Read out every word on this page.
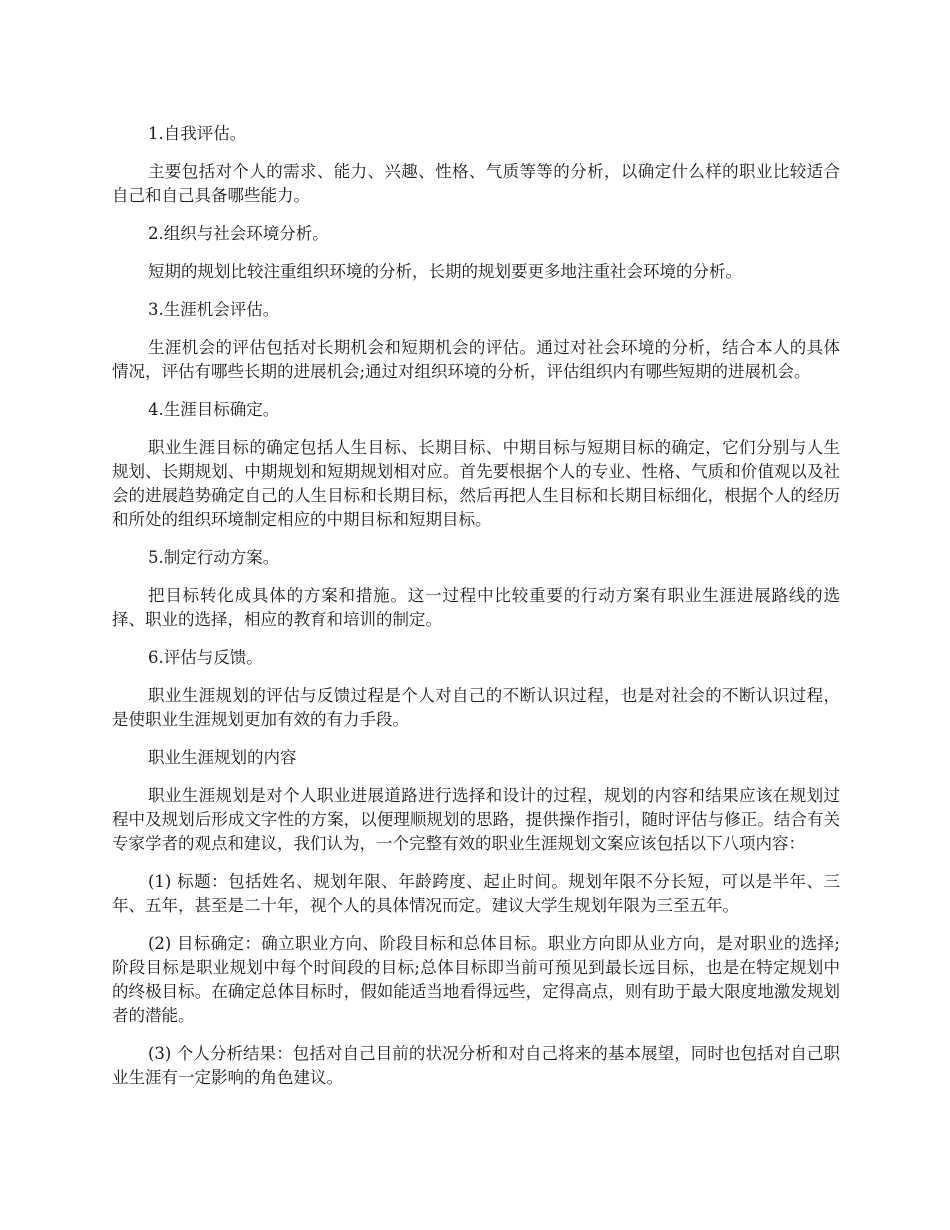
1.自我评估。

主要包括对个人的需求、能力、兴趣、性格、气质等等的分析，以确定什么样的职业比较适合自己和自己具备哪些能力。

2.组织与社会环境分析。

短期的规划比较注重组织环境的分析，长期的规划要更多地注重社会环境的分析。

3.生涯机会评估。

生涯机会的评估包括对长期机会和短期机会的评估。通过对社会环境的分析，结合本人的具体情况，评估有哪些长期的进展机会;通过对组织环境的分析，评估组织内有哪些短期的进展机会。

4.生涯目标确定。

职业生涯目标的确定包括人生目标、长期目标、中期目标与短期目标的确定，它们分别与人生规划、长期规划、中期规划和短期规划相对应。首先要根据个人的专业、性格、气质和价值观以及社会的进展趋势确定自己的人生目标和长期目标，然后再把人生目标和长期目标细化，根据个人的经历和所处的组织环境制定相应的中期目标和短期目标。

5.制定行动方案。

把目标转化成具体的方案和措施。这一过程中比较重要的行动方案有职业生涯进展路线的选择、职业的选择，相应的教育和培训的制定。

6.评估与反馈。

职业生涯规划的评估与反馈过程是个人对自己的不断认识过程，也是对社会的不断认识过程，是使职业生涯规划更加有效的有力手段。

职业生涯规划的内容

职业生涯规划是对个人职业进展道路进行选择和设计的过程，规划的内容和结果应该在规划过程中及规划后形成文字性的方案，以便理顺规划的思路，提供操作指引，随时评估与修正。结合有关专家学者的观点和建议，我们认为，一个完整有效的职业生涯规划文案应该包括以下八项内容：

(1) 标题：包括姓名、规划年限、年龄跨度、起止时间。规划年限不分长短，可以是半年、三年、五年，甚至是二十年，视个人的具体情况而定。建议大学生规划年限为三至五年。

(2) 目标确定：确立职业方向、阶段目标和总体目标。职业方向即从业方向，是对职业的选择;阶段目标是职业规划中每个时间段的目标;总体目标即当前可预见到最长远目标，也是在特定规划中的终极目标。在确定总体目标时，假如能适当地看得远些，定得高点，则有助于最大限度地激发规划者的潜能。

(3) 个人分析结果：包括对自己目前的状况分析和对自己将来的基本展望，同时也包括对自己职业生涯有一定影响的角色建议。
